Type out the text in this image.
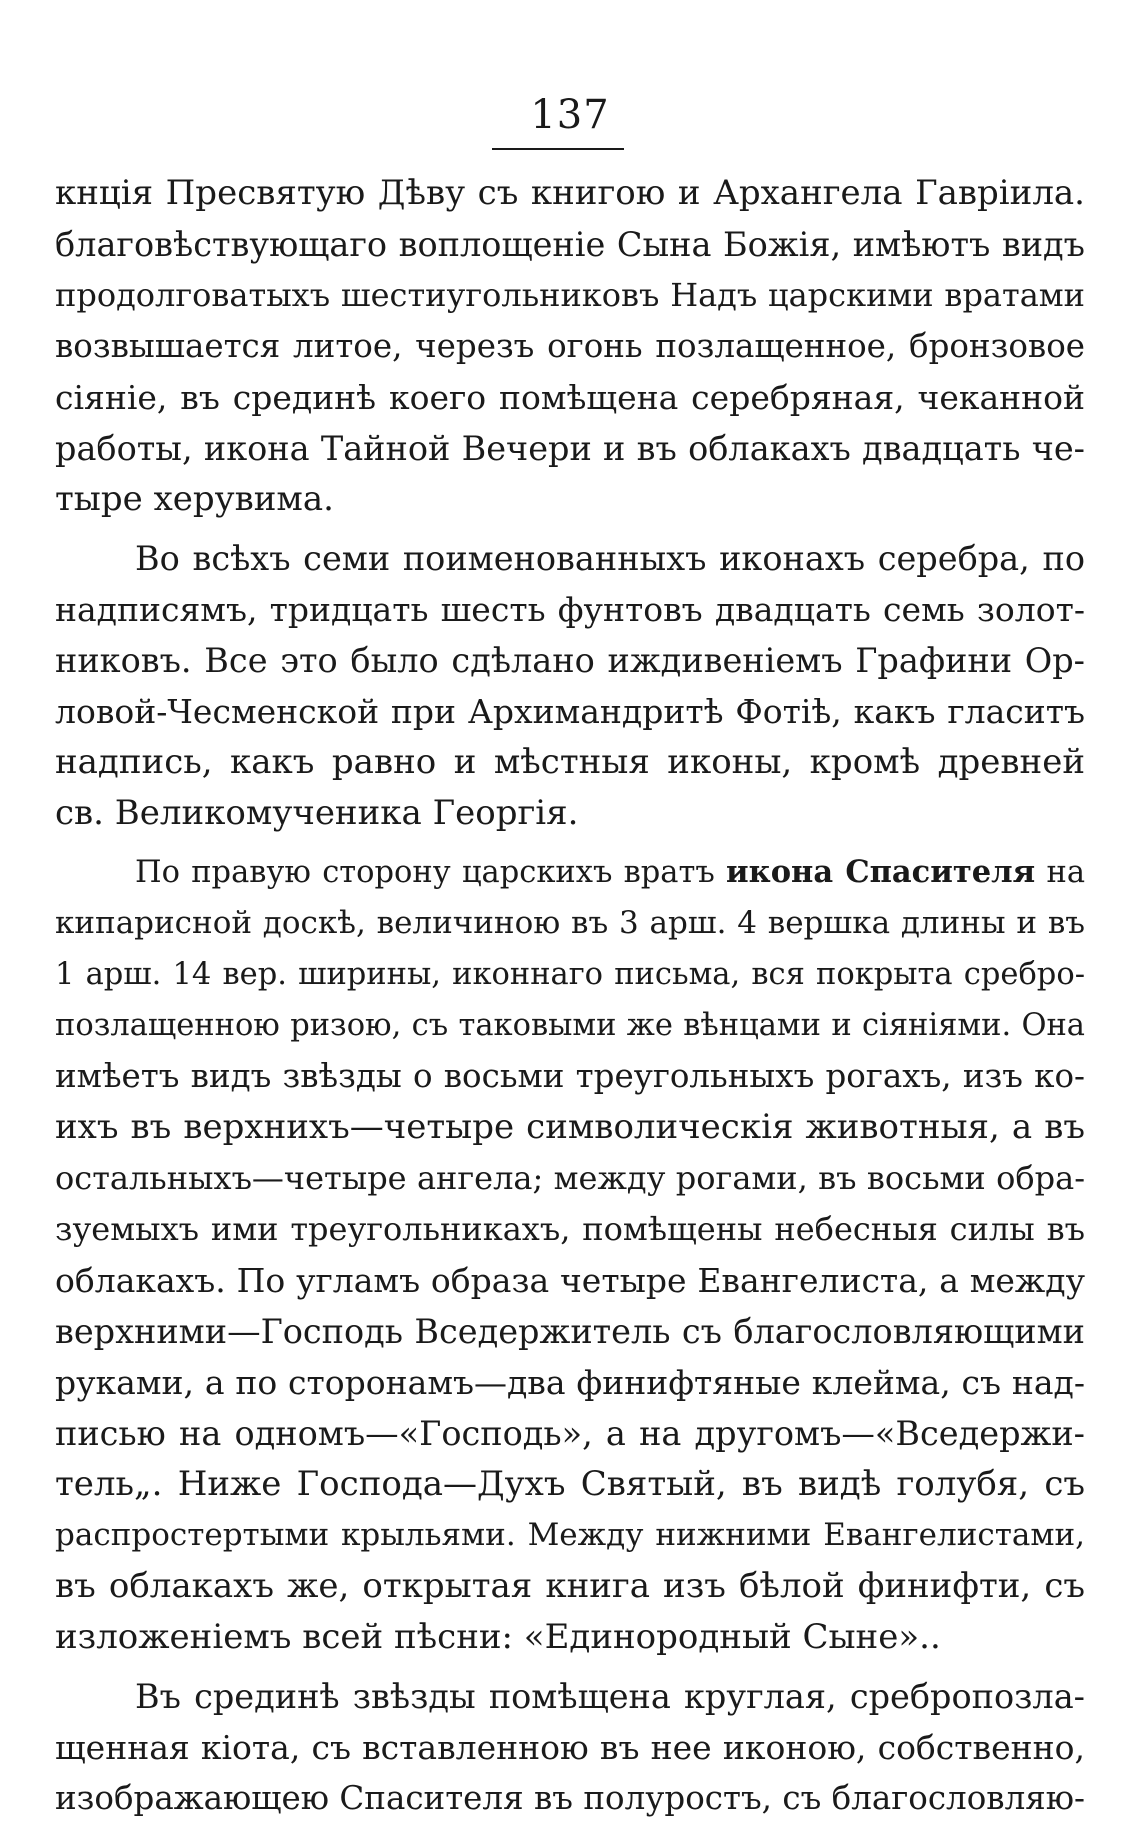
137
кнцiя Пресвятую Дѣву съ книгою и Архангела Гавріила.
благовѣствующаго воплощеніе Сына Божія, имѣютъ видъ
продолговатыхъ шестиугольниковъ Надъ царскими вратами
возвышается литое, черезъ огонь позлащенное, бронзовое
сіяніе, въ срединѣ коего помѣщена серебряная, чеканной
работы, икона Тайной Вечери и въ облакахъ двадцать че-
тыре херувима.
Во всѣхъ семи поименованныхъ иконахъ серебра, по
надписямъ, тридцать шесть фунтовъ двадцать семь золот-
никовъ. Все это было сдѣлано иждивеніемъ Графини Ор-
ловой-Чесменской при Архимандритѣ Фотіѣ, какъ гласитъ
надпись, какъ равно и мѣстныя иконы, кромѣ древней
св. Великомученика Георгія.
По правую сторону царскихъ вратъ икона Спасителя на
кипарисной доскѣ, величиною въ 3 арш. 4 вершка длины и въ
1 арш. 14 вер. ширины, иконнаго письма, вся покрыта сребро-
позлащенною ризою, съ таковыми же вѣнцами и сіяніями. Она
имѣетъ видъ звѣзды о восьми треугольныхъ рогахъ, изъ ко-
ихъ въ верхнихъ—четыре символическія животныя, а въ
остальныхъ—четыре ангела; между рогами, въ восьми обра-
зуемыхъ ими треугольникахъ, помѣщены небесныя силы въ
облакахъ. По угламъ образа четыре Евангелиста, а между
верхними—Господь Вседержитель съ благословляющими
руками, а по сторонамъ—два финифтяные клейма, съ над-
писью на одномъ—«Господь», а на другомъ—«Вседержи-
тель„. Ниже Господа—Духъ Святый, въ видѣ голубя, съ
распростертыми крыльями. Между нижними Евангелистами,
въ облакахъ же, открытая книга изъ бѣлой финифти, съ
изложеніемъ всей пѣсни: «Единородный Сыне»..
Въ срединѣ звѣзды помѣщена круглая, сребропозла-
щенная кіота, съ вставленною въ нее иконою, собственно,
изображающею Спасителя въ полуростъ, съ благословляю-
